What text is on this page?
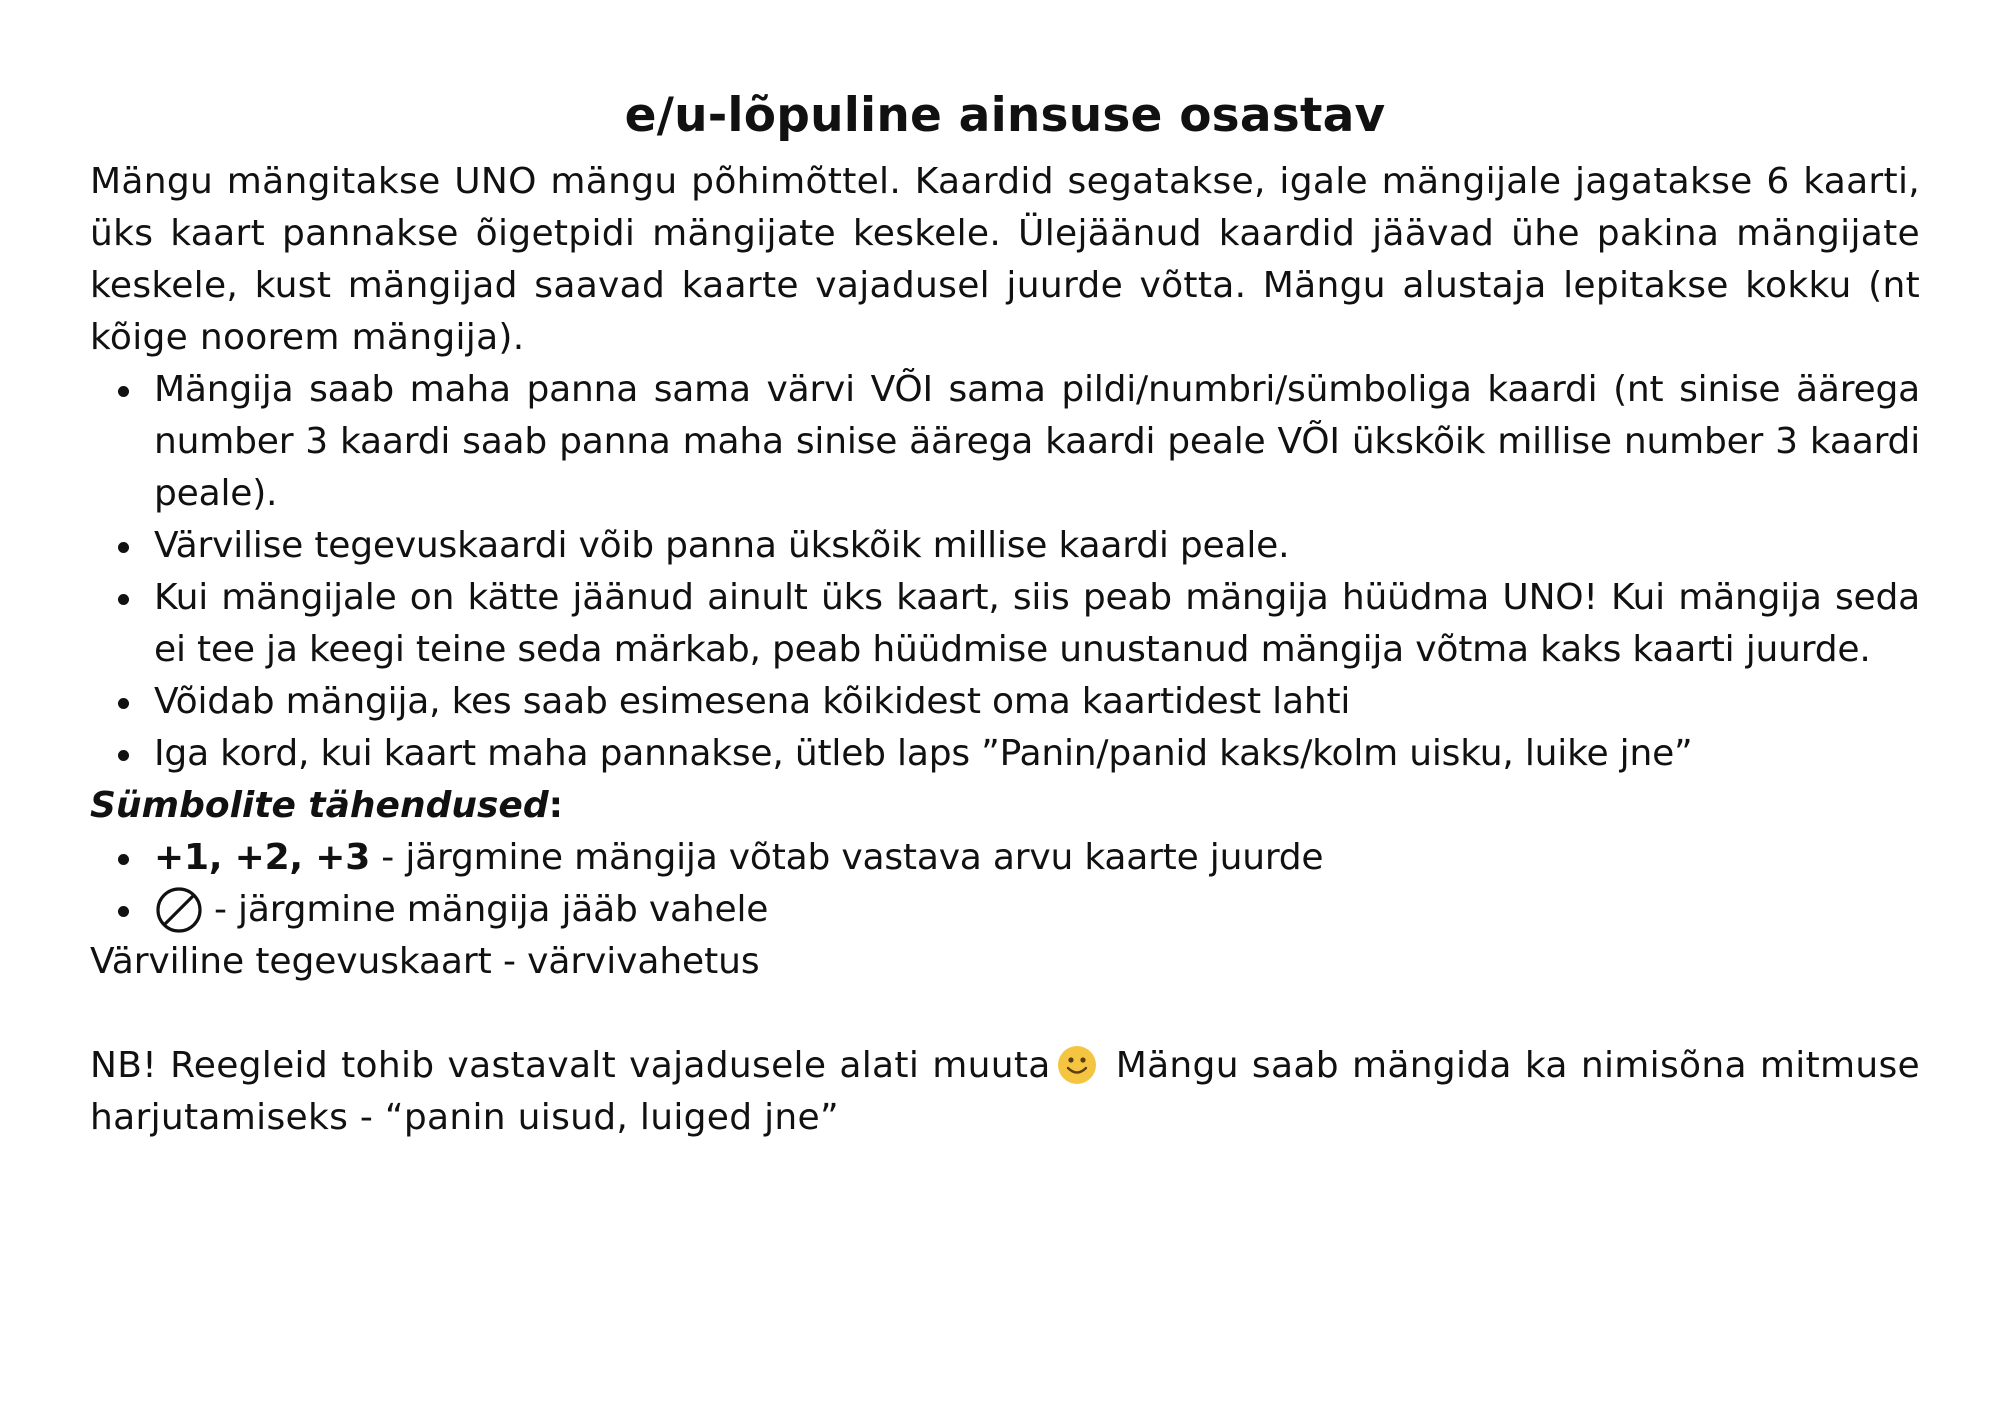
e/u-lõpuline ainsuse osastav

Mängu mängitakse UNO mängu põhimõttel. Kaardid segatakse, igale mängijale jagatakse 6 kaarti, üks kaart pannakse õigetpidi mängijate keskele. Ülejäänud kaardid jäävad ühe pakina mängijate keskele, kust mängijad saavad kaarte vajadusel juurde võtta. Mängu alustaja lepitakse kokku (nt kõige noorem mängija).

Mängija saab maha panna sama värvi VÕI sama pildi/numbri/sümboliga kaardi (nt sinise äärega number 3 kaardi saab panna maha sinise äärega kaardi peale VÕI ükskõik millise number 3 kaardi peale).
Värvilise tegevuskaardi võib panna ükskõik millise kaardi peale.
Kui mängijale on kätte jäänud ainult üks kaart, siis peab mängija hüüdma UNO! Kui mängija seda ei tee ja keegi teine seda märkab, peab hüüdmise unustanud mängija võtma kaks kaarti juurde.
Võidab mängija, kes saab esimesena kõikidest oma kaartidest lahti
Iga kord, kui kaart maha pannakse, ütleb laps ”Panin/panid kaks/kolm uisku, luike jne”

Sümbolite tähendused:

+1, +2, +3 - järgmine mängija võtab vastava arvu kaarte juurde
- järgmine mängija jääb vahele

Värviline tegevuskaart - värvivahetus

NB! Reegleid tohib vastavalt vajadusele alati muuta Mängu saab mängida ka nimisõna mitmuse harjutamiseks - “panin uisud, luiged jne”
